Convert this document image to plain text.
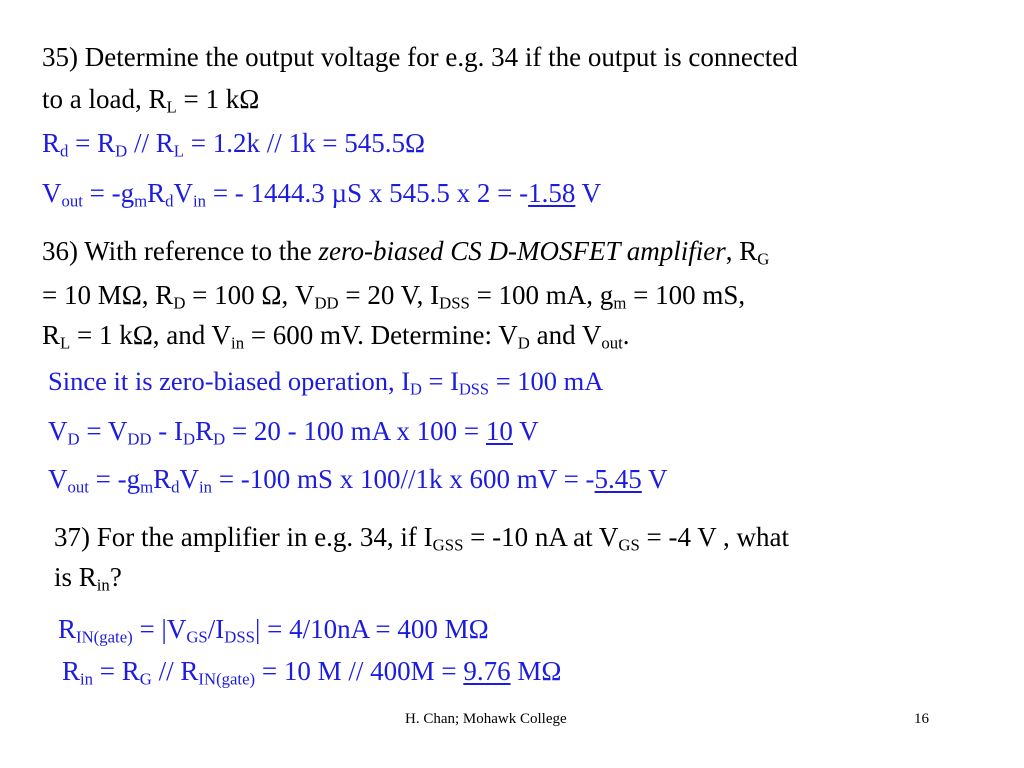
35) Determine the output voltage for e.g. 34 if the output is connected
to a load, $R_L = 1$ kΩ
$R_d = R_D // R_L = 1.2k // 1k = 545.5\Omega$
$V_{out} = -g_mR_dV_{in}$ = - 1444.3 µS x 545.5 x 2 = -1.58 V
36) With reference to the zero-biased CS D-MOSFET amplifier, $R_G$
= 10 MΩ, $R_D = 100$ Ω, $V_{DD} = 20$ V, $I_{DSS} = 100$ mA, $g_m = 100$ mS,
$R_L = 1$ kΩ, and $V_{in} = 600$ mV. Determine: $V_D$ and $V_{out}$.
Since it is zero-biased operation, $I_D = I_{DSS} = 100$ mA
$V_D = V_{DD} - I_DR_D = 20 - 100$ mA x 100 = 10 V
$V_{out} = -g_mR_dV_{in} = -100$ mS x 100//1k x 600 mV = -5.45 V
37) For the amplifier in e.g. 34, if $I_{GSS} = -10$ nA at $V_{GS} = -4$ V , what
is $R_{in}$?
$R_{IN(gate)} = |V_{GS}/I_{DSS}| = 4/10nA = 400$ MΩ
$R_{in} = R_G // R_{IN(gate)} = 10$ M // 400M = 9.76 MΩ
H. Chan; Mohawk College	16
